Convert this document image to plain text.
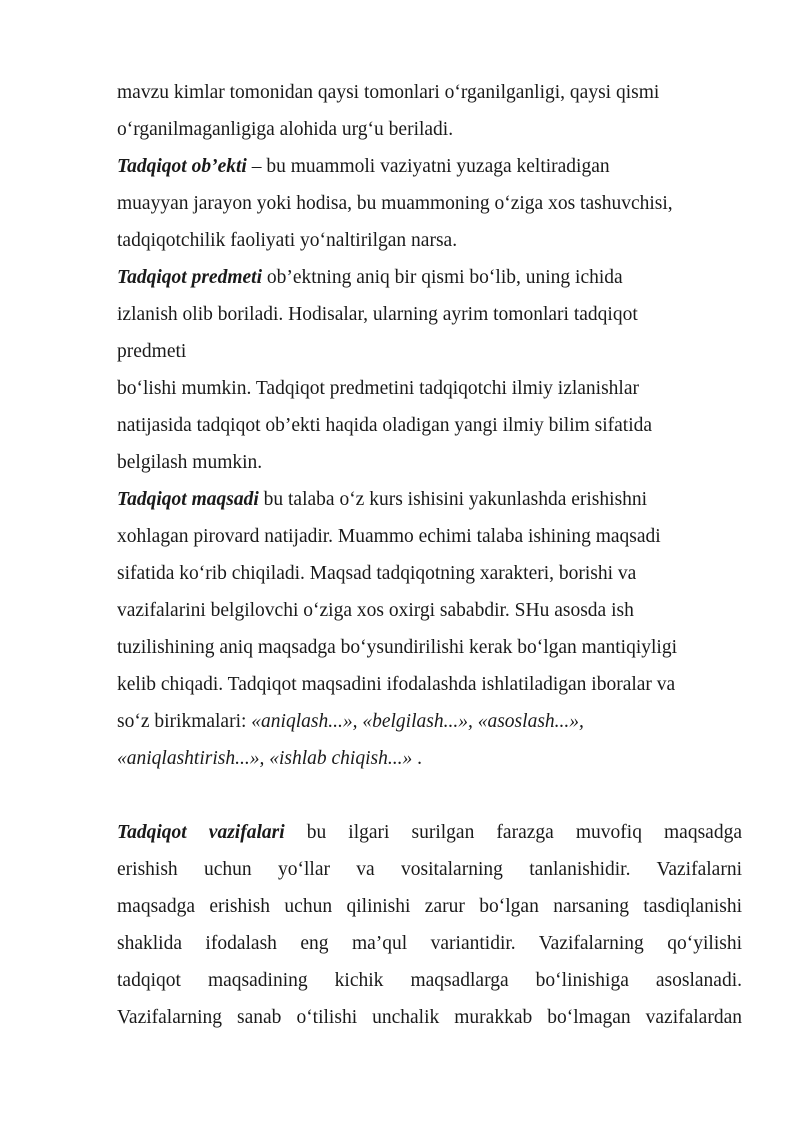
mavzu kimlar tomonidan qaysi tomonlari oʻrganilganligi, qaysi qismi
oʻrganilmaganligiga alohida urgʻu beriladi.
Tadqiqot ob’ekti – bu muammoli vaziyatni yuzaga keltiradigan
muayyan jarayon yoki hodisa, bu muammoning oʻziga xos tashuvchisi,
tadqiqotchilik faoliyati yoʻnaltirilgan narsa.
Tadqiqot predmeti ob’ektning aniq bir qismi boʻlib, uning ichida
izlanish olib boriladi. Hodisalar, ularning ayrim tomonlari tadqiqot
predmeti
boʻlishi mumkin. Tadqiqot predmetini tadqiqotchi ilmiy izlanishlar
natijasida tadqiqot ob’ekti haqida oladigan yangi ilmiy bilim sifatida
belgilash mumkin.
Tadqiqot maqsadi bu talaba oʻz kurs ishisini yakunlashda erishishni
xohlagan pirovard natijadir. Muammo echimi talaba ishining maqsadi
sifatida koʻrib chiqiladi. Maqsad tadqiqotning xarakteri, borishi va
vazifalarini belgilovchi oʻziga xos oxirgi sababdir. SHu asosda ish
tuzilishining aniq maqsadga boʻysundirilishi kerak boʻlgan mantiqiyligi
kelib chiqadi. Tadqiqot maqsadini ifodalashda ishlatiladigan iboralar va
soʻz birikmalari: «aniqlash...», «belgilash...», «asoslash...»,
«aniqlashtirish...», «ishlab chiqish...» .
Tadqiqot vazifalari bu ilgari surilgan farazga muvofiq maqsadga
erishish uchun yoʻllar va vositalarning tanlanishidir. Vazifalarni
maqsadga erishish uchun qilinishi zarur boʻlgan narsaning tasdiqlanishi
shaklida ifodalash eng ma’qul variantidir. Vazifalarning qoʻyilishi
tadqiqot maqsadining kichik maqsadlarga boʻlinishiga asoslanadi.
Vazifalarning sanab oʻtilishi unchalik murakkab boʻlmagan vazifalardan
